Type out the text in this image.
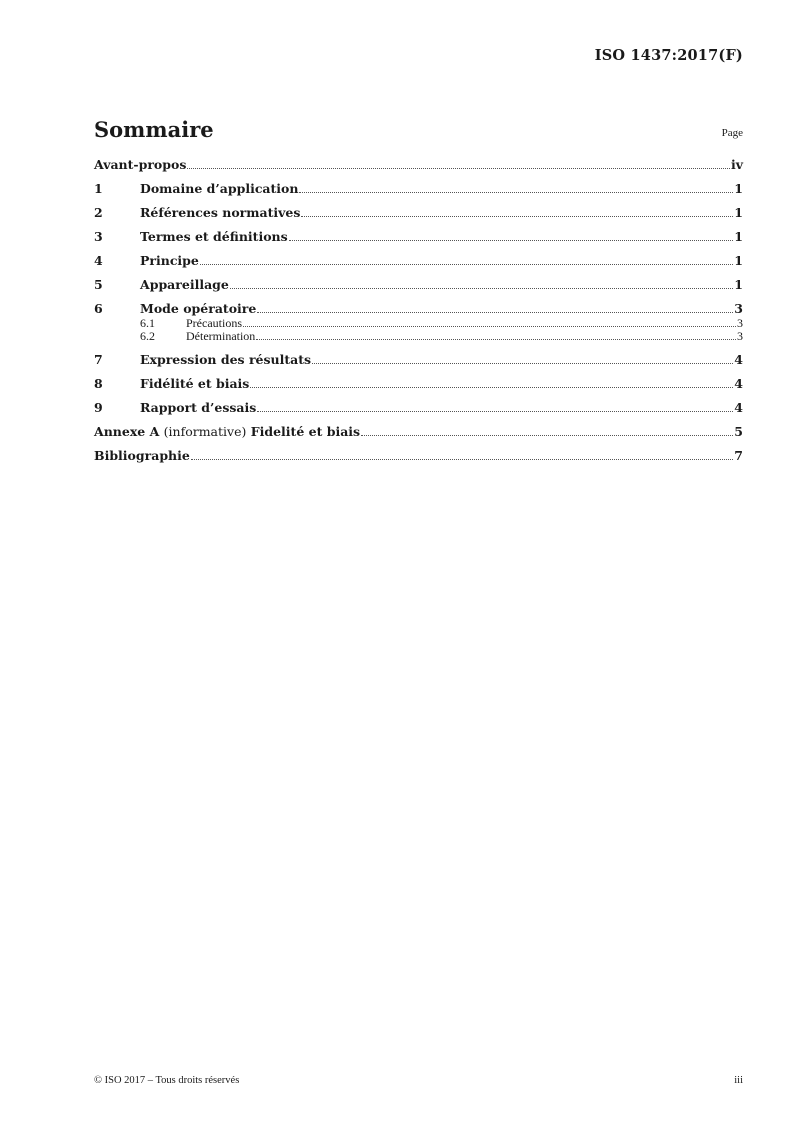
ISO 1437:2017(F)
Sommaire	Page
Avant-propos	iv
1	Domaine d’application	1
2	Références normatives	1
3	Termes et définitions	1
4	Principe	1
5	Appareillage	1
6	Mode opératoire	3
6.1	Précautions	3
6.2	Détermination	3
7	Expression des résultats	4
8	Fidélité et biais	4
9	Rapport d’essais	4
Annexe A (informative) Fidelité et biais	5
Bibliographie	7
© ISO 2017 – Tous droits réservés	iii
